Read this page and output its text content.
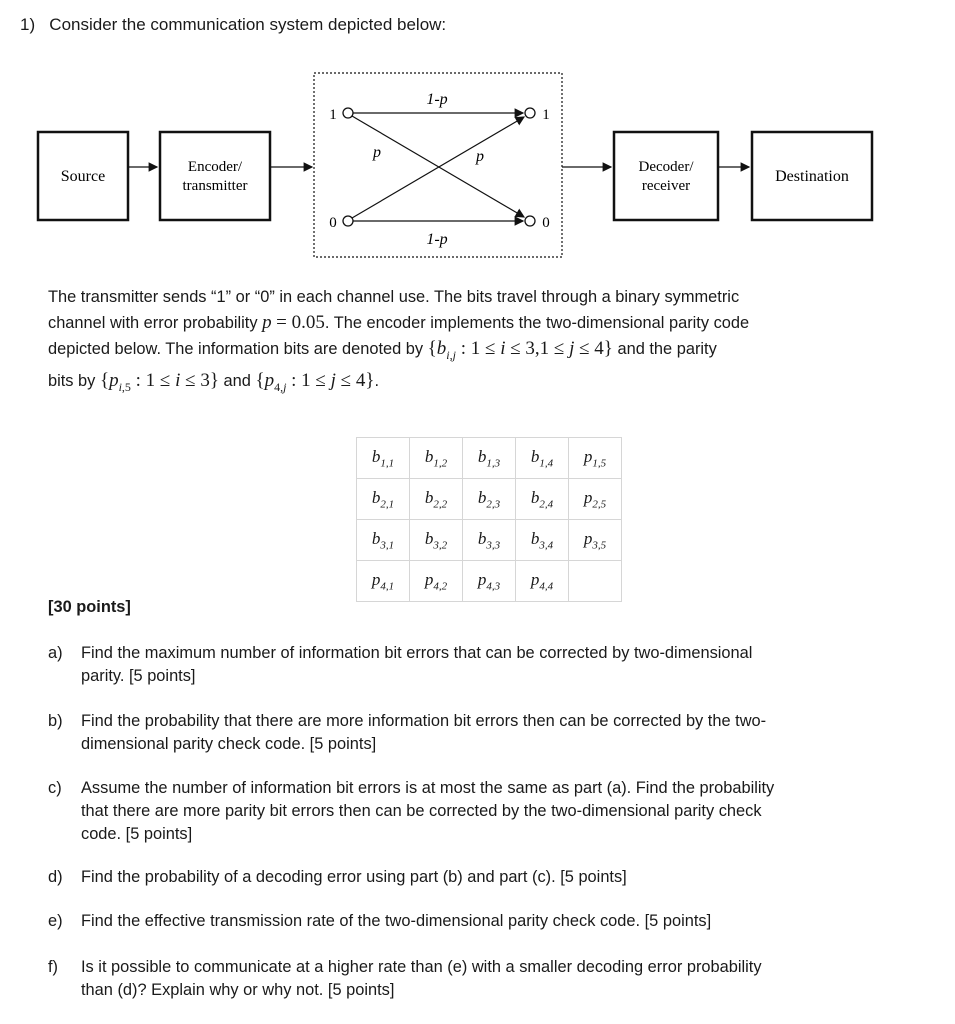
1) Consider the communication system depicted below:
Source
Encoder/
transmitter
1
0
1
0
1-p
1-p
p	p
Decoder/
receiver
Destination
The transmitter sends “1” or “0” in each channel use. The bits travel through a binary symmetric
channel with error probability p = 0.05. The encoder implements the two-dimensional parity code
depicted below. The information bits are denoted by {$b_{i,j}$ : 1 ≤ i ≤ 3,1 ≤ j ≤ 4} and the parity
bits by {$p_{i,5}$ : 1 ≤ i ≤ 3} and {$p_{4,j}$ : 1 ≤ j ≤ 4}.
$b_{1,1}$	$b_{1,2}$	$b_{1,3}$	$b_{1,4}$	$p_{1,5}$
$b_{2,1}$	$b_{2,2}$	$b_{2,3}$	$b_{2,4}$	$p_{2,5}$
$b_{3,1}$	$b_{3,2}$	$b_{3,3}$	$b_{3,4}$	$p_{3,5}$
$p_{4,1}$	$p_{4,2}$	$p_{4,3}$	$p_{4,4}$	
[30 points]
a) Find the maximum number of information bit errors that can be corrected by two-dimensional
parity. [5 points]
b) Find the probability that there are more information bit errors then can be corrected by the two-
dimensional parity check code. [5 points]
c) Assume the number of information bit errors is at most the same as part (a). Find the probability
that there are more parity bit errors then can be corrected by the two-dimensional parity check
code. [5 points]
d) Find the probability of a decoding error using part (b) and part (c). [5 points]
e) Find the effective transmission rate of the two-dimensional parity check code. [5 points]
f) Is it possible to communicate at a higher rate than (e) with a smaller decoding error probability
than (d)? Explain why or why not. [5 points]
